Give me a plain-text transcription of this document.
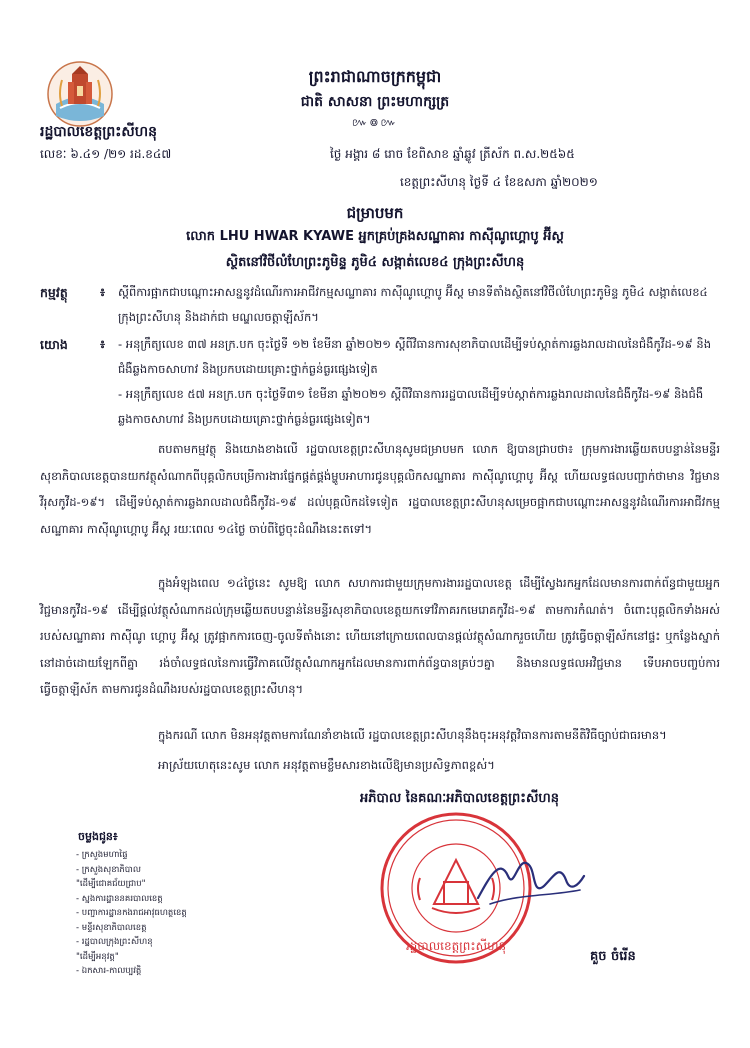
ព្រះរាជាណាចក្រកម្ពុជា
ជាតិ សាសនា ព្រះមហាក្សត្រ
៚៙៚
រដ្ឋបាលខេត្តព្រះសីហនុ
លេខៈ ៦.៤១ /២១ រដ.ខ៤៧	ថ្ងៃ អង្គារ ៨ រោច ខែពិសាខ ឆ្នាំឆ្លូវ ត្រីស័ក ព.ស.២៥៦៥
ខេត្តព្រះសីហនុ ថ្ងៃទី ៤ ខែឧសភា ឆ្នាំ២០២១
ជម្រាបមក
លោក LHU HWAR KYAWE អ្នកគ្រប់គ្រងសណ្ឋាគារ កាស៊ីណូហ្គោបូ អ៊ីស្ដ
ស្ថិតនៅវិថីលំហែព្រះភូមិន្ទ ភូមិ៤ សង្កាត់លេខ៤ ក្រុងព្រះសីហនុ
កម្មវត្ថុ	៖ ស្ដីពីការផ្អាកជាបណ្ដោះអាសន្ននូវដំណើរការអាជីវកម្មសណ្ឋាគារ កាស៊ីណូហ្គោបូ អ៊ីស្ដ មានទីតាំងស្ថិតនៅវិថីលំហែព្រះភូមិន្ទ ភូមិ៤ សង្កាត់លេខ៤ ក្រុងព្រះសីហនុ និងដាក់ជា មណ្ឌលចត្តាឡីស័ក។
យោង	៖ - អនុក្រឹត្យលេខ ៣៧ អនក្រ.បក ចុះថ្ងៃទី ១២ ខែមីនា ឆ្នាំ២០២១ ស្ដីពីវិធានការសុខាភិបាលដើម្បីទប់ស្កាត់ការឆ្លងរាលដាលនៃជំងឺកូវីដ-១៩ និងជំងឺឆ្លងកាចសាហាវ និងប្រកបដោយគ្រោះថ្នាក់ធ្ងន់ធ្ងរផ្សេងទៀត
- អនុក្រឹត្យលេខ ៥៧ អនក្រ.បក ចុះថ្ងៃទី៣១ ខែមីនា ឆ្នាំ២០២១ ស្ដីពីវិធានការរដ្ឋបាលដើម្បីទប់ស្កាត់ការឆ្លងរាលដាលនៃជំងឺកូវីដ-១៩ និងជំងឺឆ្លងកាចសាហាវ និងប្រកបដោយគ្រោះថ្នាក់ធ្ងន់ធ្ងរផ្សេងទៀត។
តបតាមកម្មវត្ថុ និងយោងខាងលើ រដ្ឋបាលខេត្តព្រះសីហនុសូមជម្រាបមក លោក ឱ្យបានជ្រាបថា៖ ក្រុមការងារឆ្លើយតបបន្ទាន់នៃមន្ទីរសុខាភិបាលខេត្តបានយកវត្ថុសំណាកពីបុគ្គលិកបម្រើការងារផ្នែកផ្គត់ផ្គង់ម្ហូបអាហារជូនបុគ្គលិកសណ្ឋាគារ កាស៊ីណូហ្គោបូ អ៊ីស្ដ ហើយលទ្ធផលបញ្ជាក់ថាមាន វិជ្ជមានវីរុសកូវីដ-១៩។ ដើម្បីទប់ស្កាត់ការឆ្លងរាលដាលជំងឺកូវីដ-១៩ ដល់បុគ្គលិកដទៃទៀត រដ្ឋបាលខេត្តព្រះសីហនុសម្រេចផ្អាកជាបណ្ដោះអាសន្ននូវដំណើរការអាជីវកម្មសណ្ឋាគារ កាស៊ីណូហ្គោបូ អ៊ីស្ដ រយៈពេល ១៤ថ្ងៃ ចាប់ពីថ្ងៃចុះដំណឹងនេះតទៅ។
ក្នុងអំឡុងពេល ១៤ថ្ងៃនេះ សូមឱ្យ លោក សហការជាមួយក្រុមការងាររដ្ឋបាលខេត្ត ដើម្បីស្វែងរកអ្នកដែលមានការពាក់ព័ន្ធជាមួយអ្នកវិជ្ជមានកូវីដ-១៩ ដើម្បីផ្ដល់វត្ថុសំណាកដល់ក្រុមឆ្លើយតបបន្ទាន់នៃមន្ទីរសុខាភិបាលខេត្តយកទៅវិភាគរកមេរោគកូវីដ-១៩ តាមការកំណត់។ ចំពោះបុគ្គលិកទាំងអស់របស់សណ្ឋាគារ កាស៊ីណូ ហ្គោបូ អ៊ីស្ដ ត្រូវផ្អាកការចេញ-ចូលទីតាំងនោះ ហើយនៅក្រោយពេលបានផ្ដល់វត្ថុសំណាករួចហើយ ត្រូវធ្វើចត្តាឡីស័កនៅផ្ទះ ឬកន្លែងស្នាក់នៅដាច់ដោយឡែកពីគ្នា រង់ចាំលទ្ធផលនៃការធ្វើវិភាគលើវត្ថុសំណាកអ្នកដែលមានការពាក់ព័ន្ធបានគ្រប់ៗគ្នា និងមានលទ្ធផលអវិជ្ជមាន ទើបអាចបញ្ចប់ការធ្វើចត្តាឡីស័ក តាមការជូនដំណឹងរបស់រដ្ឋបាលខេត្តព្រះសីហនុ។
ក្នុងករណី លោក មិនអនុវត្តតាមការណែនាំខាងលើ រដ្ឋបាលខេត្តព្រះសីហនុនឹងចុះអនុវត្តវិធានការតាមនីតិវិធីច្បាប់ជាធរមាន។
អាស្រ័យហេតុនេះសូម លោក អនុវត្តតាមខ្លឹមសារខាងលើឱ្យមានប្រសិទ្ធភាពខ្ពស់។
អភិបាល នៃគណៈអភិបាលខេត្តព្រះសីហនុ
រដ្ឋបាលខេត្តព្រះសីហនុ
គួច ចំរើន
ចម្លងជូន៖
- ក្រសួងមហាផ្ទៃ
- ក្រសួងសុខាភិបាល
"ដើម្បីជោគជ័យជ្រាប"
- ស្នងការដ្ឋាននគរបាលខេត្ត
- បញ្ជាការដ្ឋានកងរាជអាវុធហត្ថខេត្ត
- មន្ទីរសុខាភិបាលខេត្ត
- រដ្ឋបាលក្រុងព្រះសីហនុ
"ដើម្បីអនុវត្ត"
- ឯកសារ-កាលប្បវត្តិ
